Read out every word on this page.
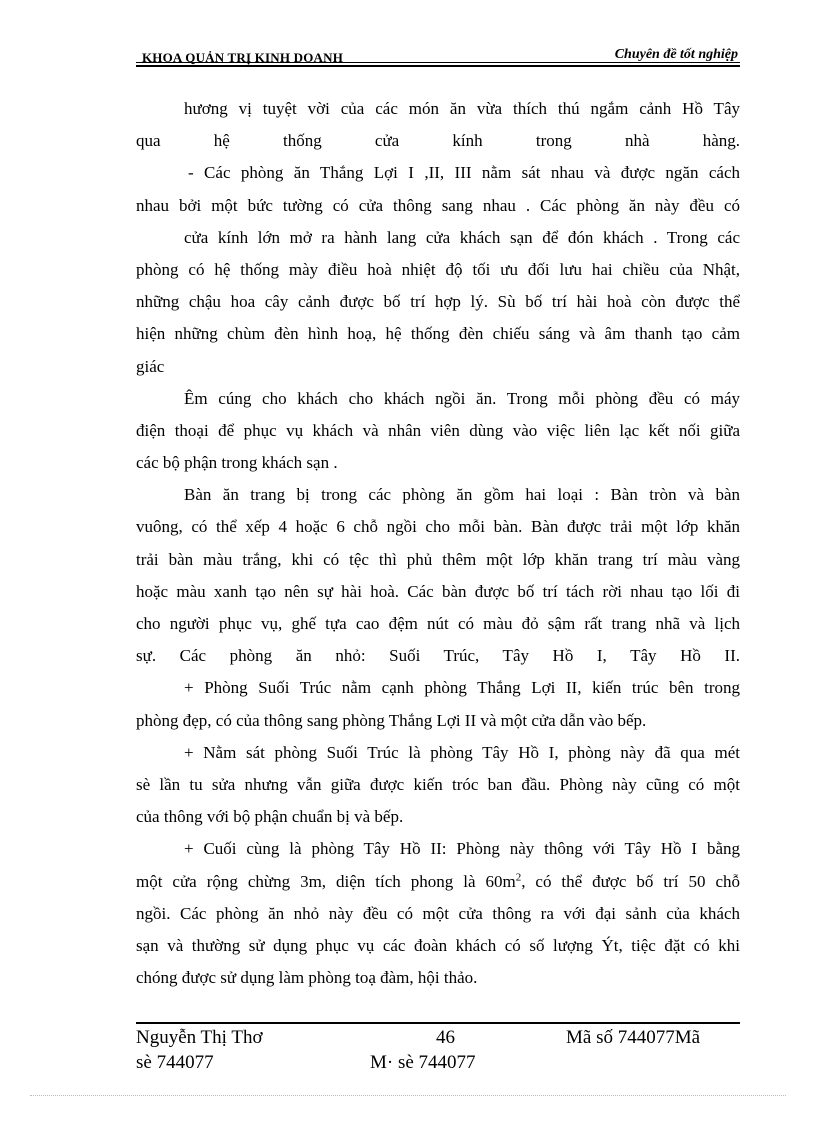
KHOA QUẢN TRỊ KINH DOANH	Chuyên đề tốt nghiệp
hương vị tuyệt vời của các món ăn vừa thích thú ngắm cảnh Hồ Tây
qua hệ thống cửa kính trong nhà hàng.
- Các phòng ăn Thắng Lợi I ,II, III nằm sát nhau và được ngăn cách
nhau bởi một bức tường có cửa thông sang nhau . Các phòng ăn này đều có
cửa kính lớn mở ra hành lang cửa khách sạn để đón khách . Trong các
phòng có hệ thống mày điều hoà nhiệt độ tối ưu đối lưu hai chiều của Nhật,
những chậu hoa cây cảnh được bố trí hợp lý. Sù bố trí hài hoà còn được thể
hiện những chùm đèn hình hoạ, hệ thống đèn chiếu sáng và âm thanh tạo cảm
giác
Êm cúng cho khách cho khách ngồi ăn. Trong mỗi phòng đều có máy
điện thoại để phục vụ khách và nhân viên dùng vào việc liên lạc kết nối giữa
các bộ phận trong khách sạn .
Bàn ăn trang bị trong các phòng ăn gồm hai loại : Bàn tròn và bàn
vuông, có thể xếp 4 hoặc 6 chỗ ngồi cho mỗi bàn. Bàn được trải một lớp khăn
trải bàn màu trắng, khi có tệc thì phủ thêm một lớp khăn trang trí màu vàng
hoặc màu xanh tạo nên sự hài hoà. Các bàn được bố trí tách rời nhau tạo lối đi
cho người phục vụ, ghế tựa cao đệm nút có màu đỏ sậm rất trang nhã và lịch
sự. Các phòng ăn nhỏ: Suối Trúc, Tây Hồ I, Tây Hồ II.
+ Phòng Suối Trúc nằm cạnh phòng Thắng Lợi II, kiến trúc bên trong
phòng đẹp, có của thông sang phòng Thắng Lợi II và một cửa dẫn vào bếp.
+ Nằm sát phòng Suối Trúc là phòng Tây Hồ I, phòng này đã qua mét
sè lần tu sửa nhưng vẫn giữa được kiến tróc ban đầu. Phòng này cũng có một
của thông với bộ phận chuẩn bị và bếp.
+ Cuối cùng là phòng Tây Hồ II: Phòng này thông với Tây Hồ I bằng
một cửa rộng chừng 3m, diện tích phong là $60m^2$, có thể được bố trí 50 chỗ
ngồi. Các phòng ăn nhỏ này đều có một cửa thông ra với đại sảnh của khách
sạn và thường sử dụng phục vụ các đoàn khách có số lượng Ýt, tiệc đặt có khi
chóng được sử dụng làm phòng toạ đàm, hội thảo.
Nguyễn Thị Thơ
sè 744077
46
M· sè 744077
Mã số 744077Mã
